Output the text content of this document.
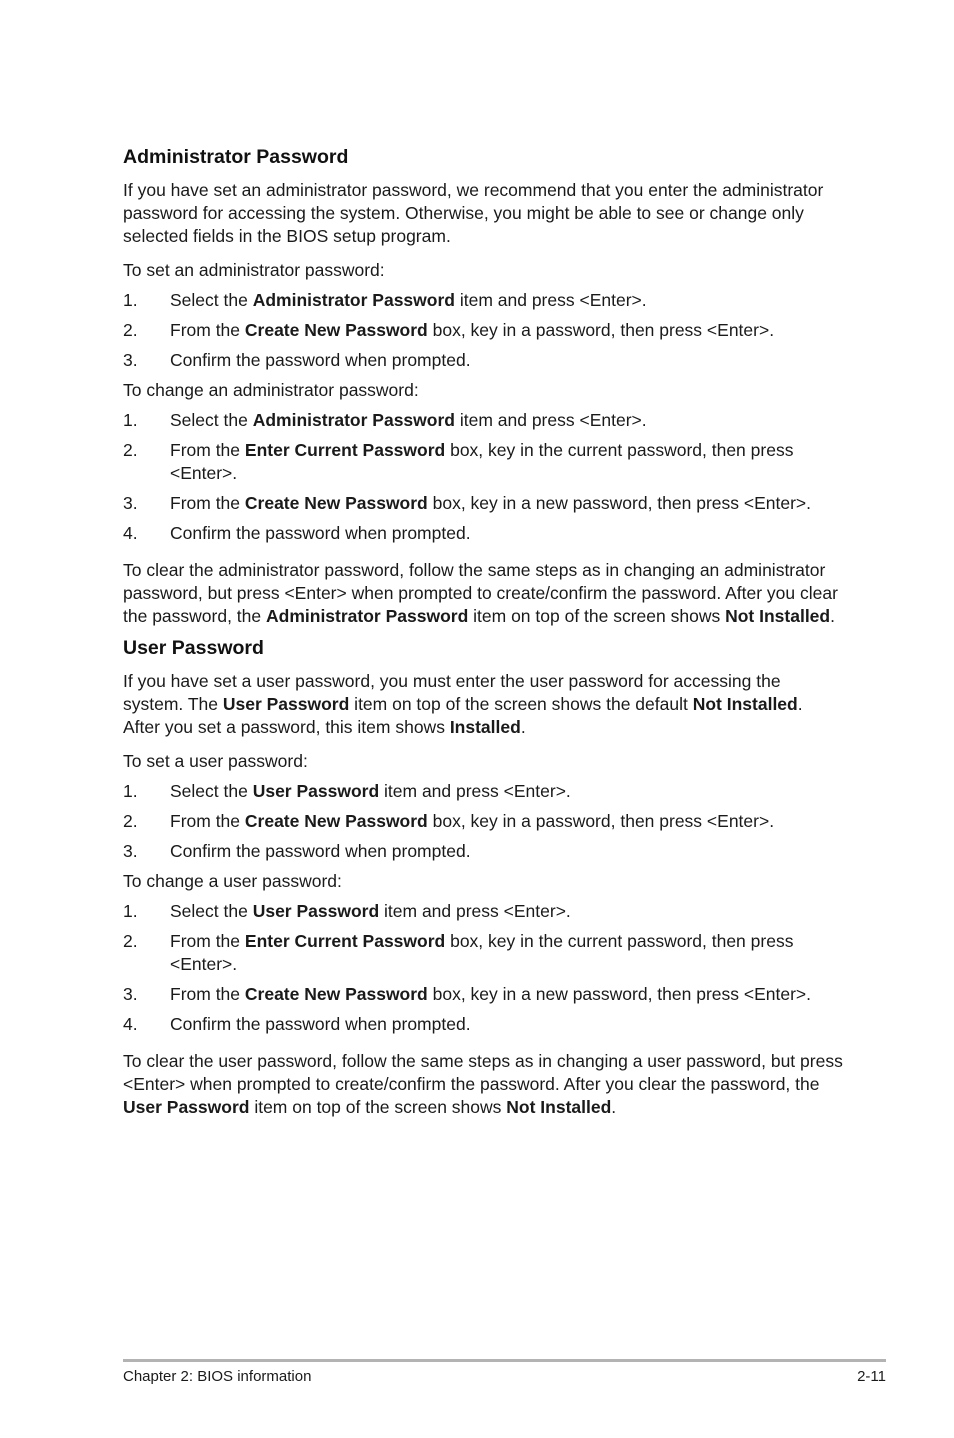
Administrator Password

If you have set an administrator password, we recommend that you enter the administrator password for accessing the system. Otherwise, you might be able to see or change only selected fields in the BIOS setup program.

To set an administrator password:

1.	Select the Administrator Password item and press <Enter>.
2.	From the Create New Password box, key in a password, then press <Enter>.
3.	Confirm the password when prompted.

To change an administrator password:

1.	Select the Administrator Password item and press <Enter>.
2.	From the Enter Current Password box, key in the current password, then press <Enter>.
3.	From the Create New Password box, key in a new password, then press <Enter>.
4.	Confirm the password when prompted.

To clear the administrator password, follow the same steps as in changing an administrator password, but press <Enter> when prompted to create/confirm the password. After you clear the password, the Administrator Password item on top of the screen shows Not Installed.

User Password

If you have set a user password, you must enter the user password for accessing the system. The User Password item on top of the screen shows the default Not Installed. After you set a password, this item shows Installed.

To set a user password:

1.	Select the User Password item and press <Enter>.
2.	From the Create New Password box, key in a password, then press <Enter>.
3.	Confirm the password when prompted.

To change a user password:

1.	Select the User Password item and press <Enter>.
2.	From the Enter Current Password box, key in the current password, then press <Enter>.
3.	From the Create New Password box, key in a new password, then press <Enter>.
4.	Confirm the password when prompted.

To clear the user password, follow the same steps as in changing a user password, but press <Enter> when prompted to create/confirm the password. After you clear the password, the User Password item on top of the screen shows Not Installed.

Chapter 2: BIOS information	2-11
